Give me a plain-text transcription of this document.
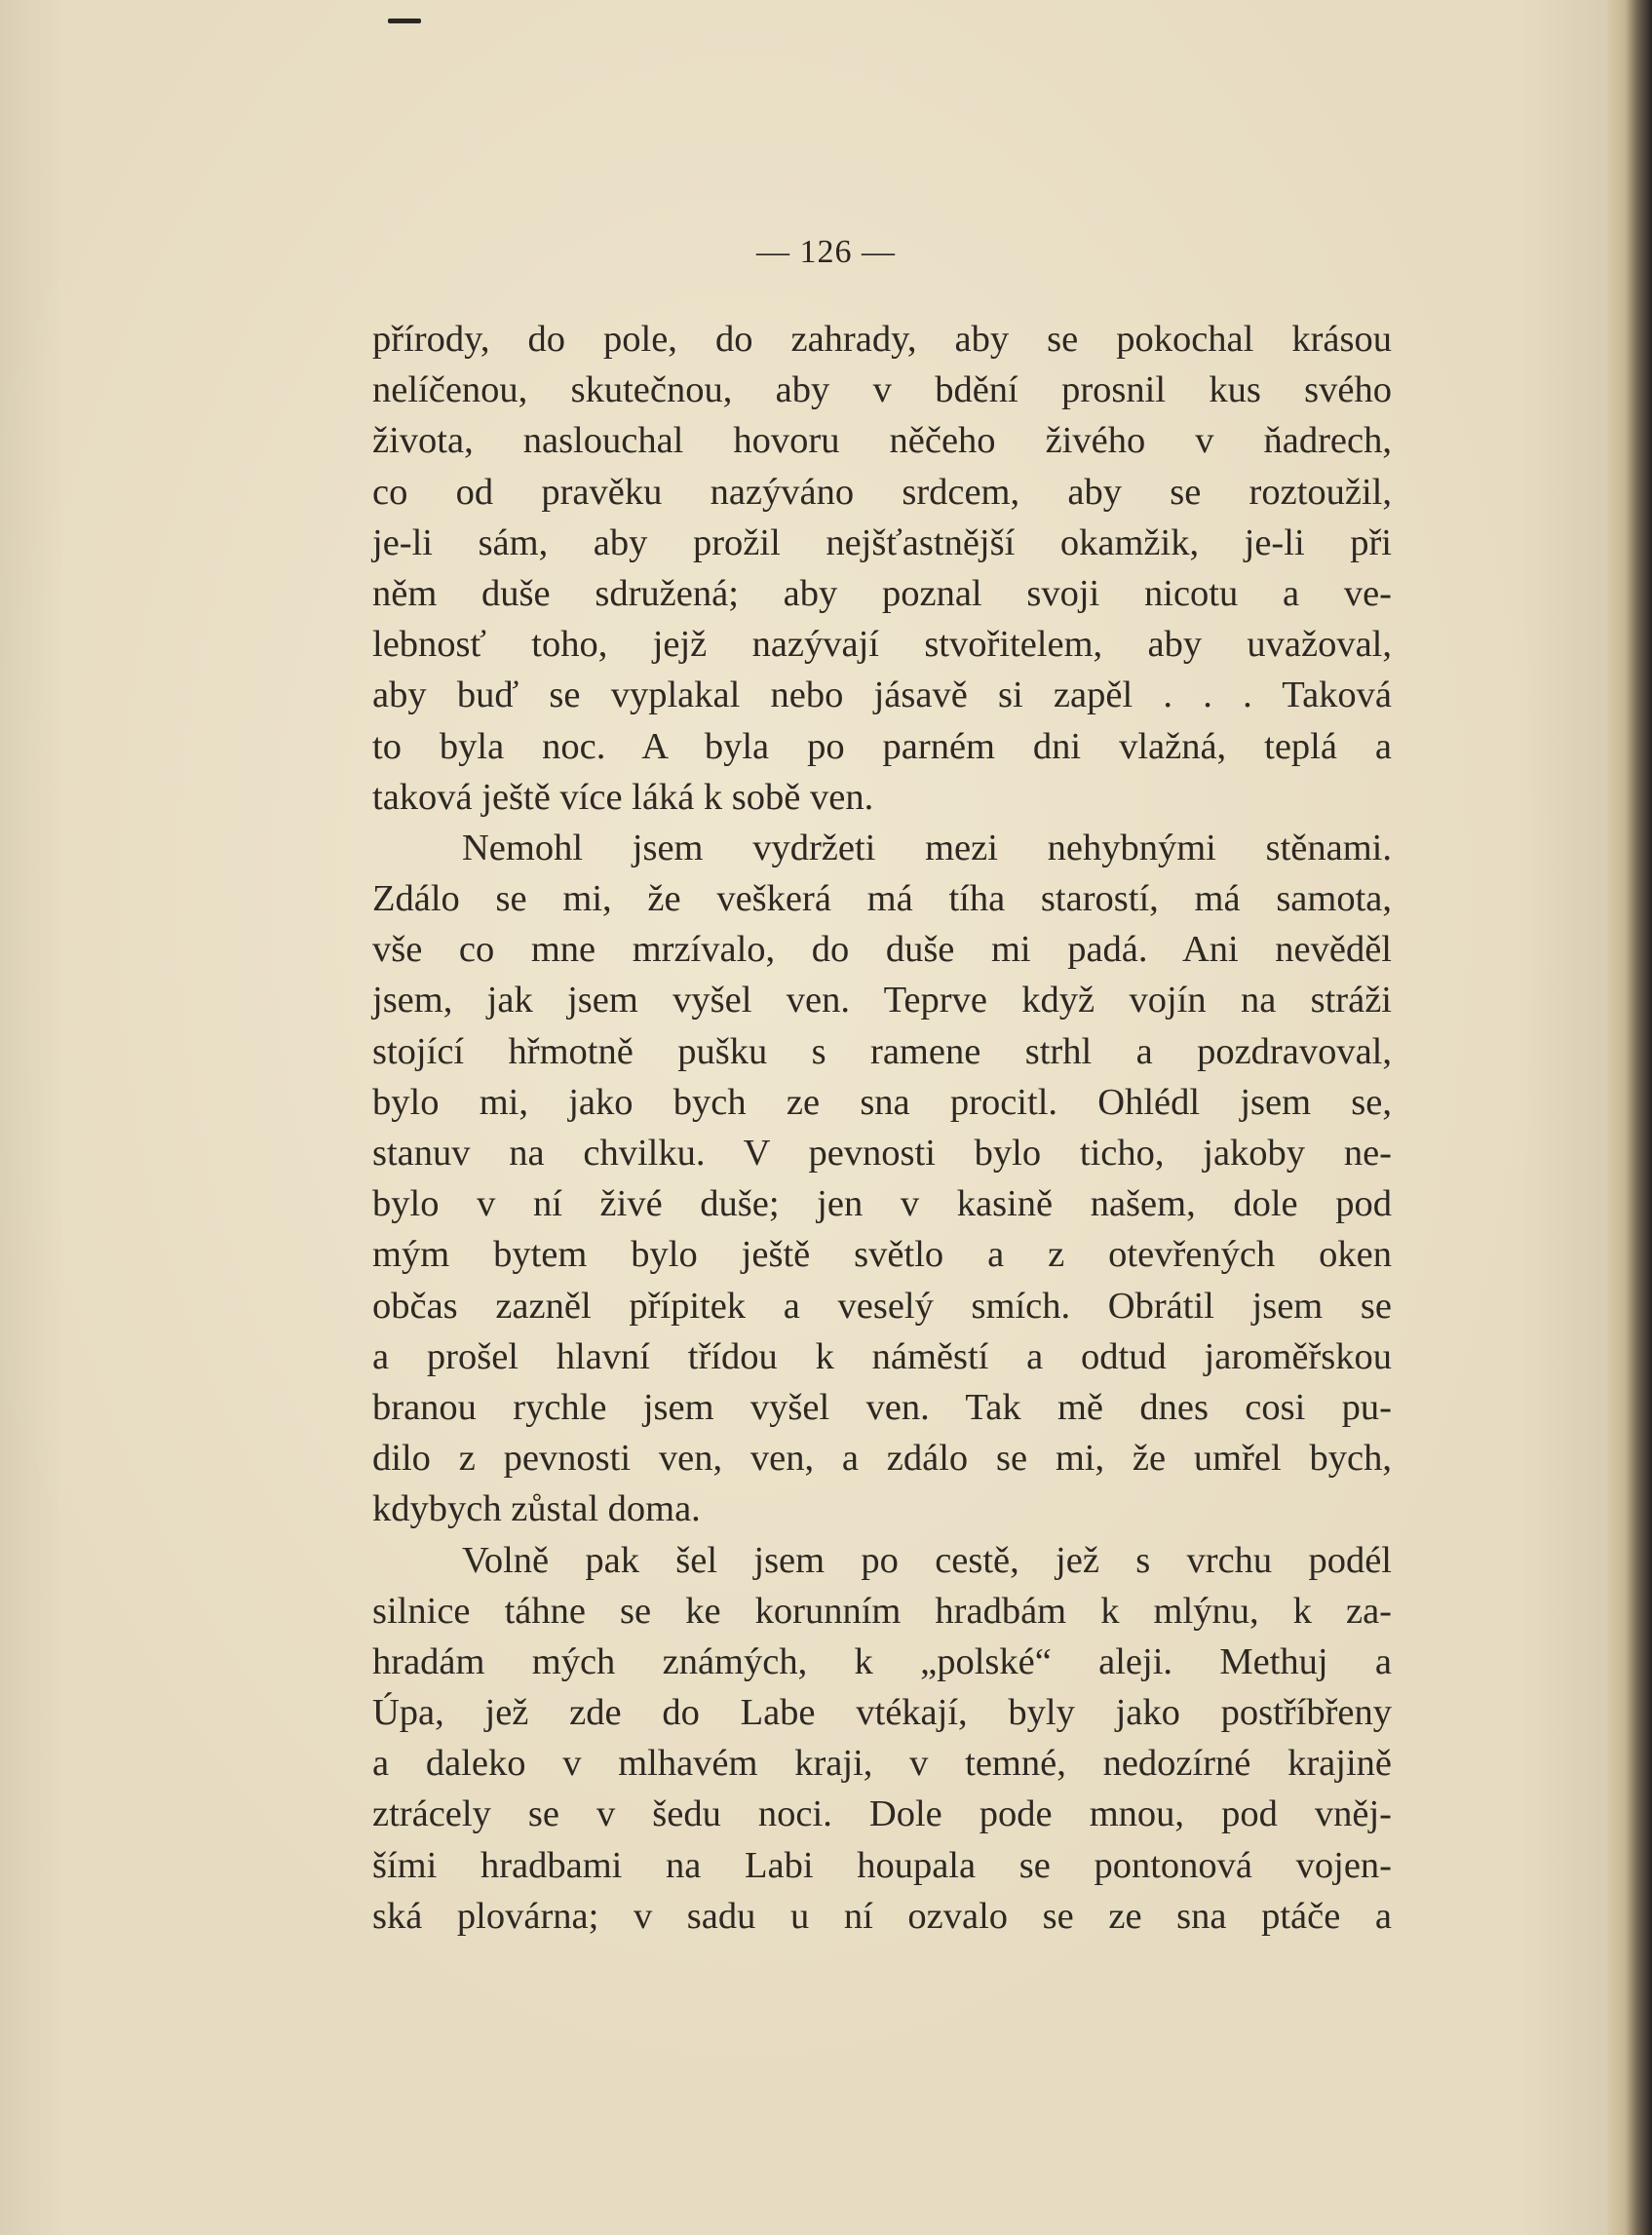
— 126 —
přírody, do pole, do zahrady, aby se pokochal krásou
nelíčenou, skutečnou, aby v bdění prosnil kus svého
života, naslouchal hovoru něčeho živého v ňadrech,
co od pravěku nazýváno srdcem, aby se roztoužil,
je-li sám, aby prožil nejšťastnější okamžik, je-li při
něm duše sdružená; aby poznal svoji nicotu a ve-
lebnosť toho, jejž nazývají stvořitelem, aby uvažoval,
aby buď se vyplakal nebo jásavě si zapěl . . . Taková
to byla noc. A byla po parném dni vlažná, teplá a
taková ještě více láká k sobě ven.
Nemohl jsem vydržeti mezi nehybnými stěnami.
Zdálo se mi, že veškerá má tíha starostí, má samota,
vše co mne mrzívalo, do duše mi padá. Ani nevěděl
jsem, jak jsem vyšel ven. Teprve když vojín na stráži
stojící hřmotně pušku s ramene strhl a pozdravoval,
bylo mi, jako bych ze sna procitl. Ohlédl jsem se,
stanuv na chvilku. V pevnosti bylo ticho, jakoby ne-
bylo v ní živé duše; jen v kasině našem, dole pod
mým bytem bylo ještě světlo a z otevřených oken
občas zazněl přípitek a veselý smích. Obrátil jsem se
a prošel hlavní třídou k náměstí a odtud jaroměřskou
branou rychle jsem vyšel ven. Tak mě dnes cosi pu-
dilo z pevnosti ven, ven, a zdálo se mi, že umřel bych,
kdybych zůstal doma.
Volně pak šel jsem po cestě, jež s vrchu podél
silnice táhne se ke korunním hradbám k mlýnu, k za-
hradám mých známých, k „polské“ aleji. Methuj a
Úpa, jež zde do Labe vtékají, byly jako postříbřeny
a daleko v mlhavém kraji, v temné, nedozírné krajině
ztrácely se v šedu noci. Dole pode mnou, pod vněj-
šími hradbami na Labi houpala se pontonová vojen-
ská plovárna; v sadu u ní ozvalo se ze sna ptáče a
